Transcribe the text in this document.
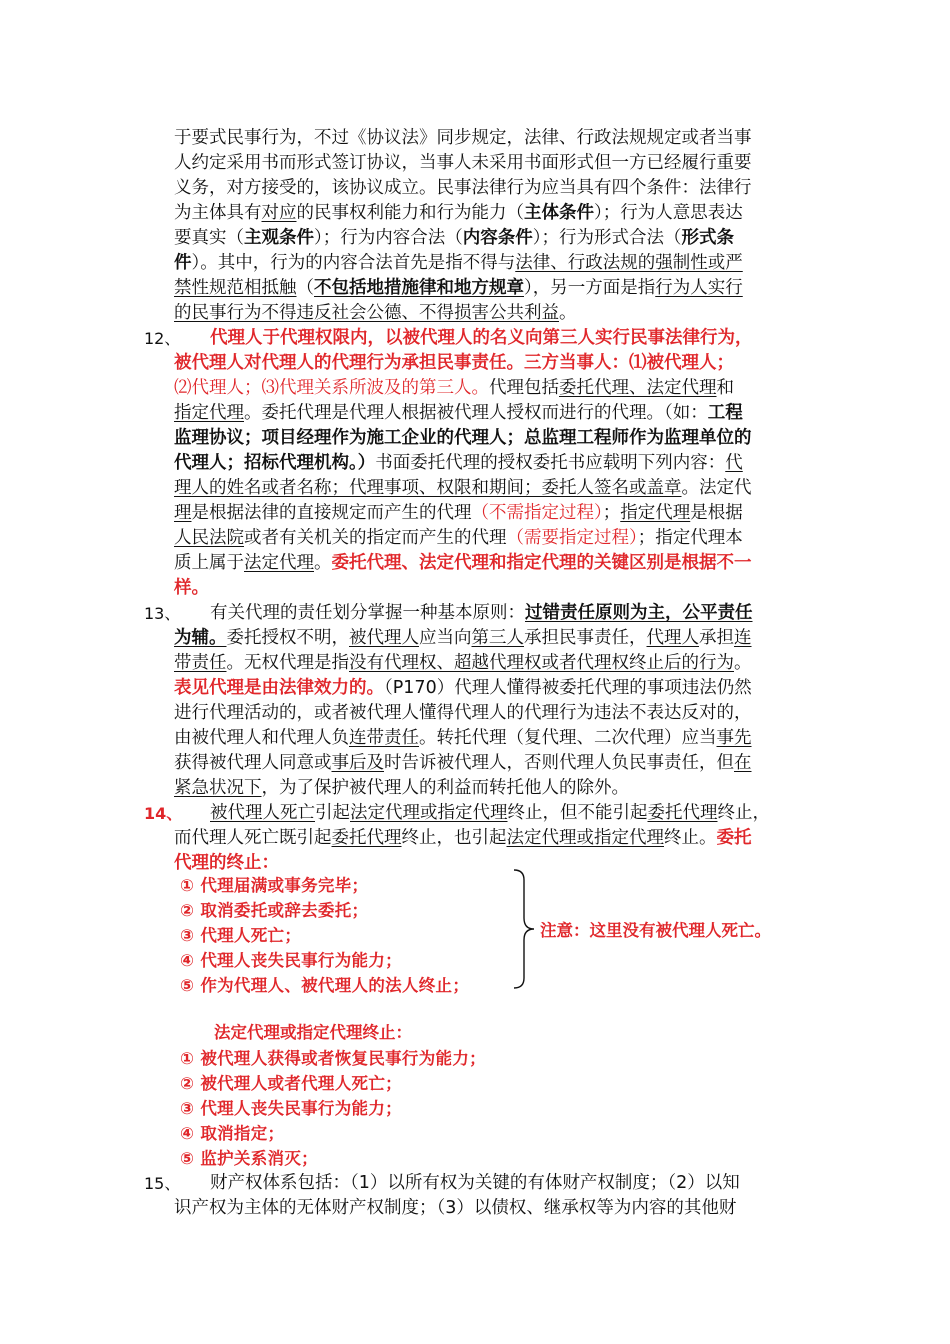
于要式民事行为，不过《协议法》同步规定，法律、行政法规规定或者当事
人约定采用书而形式签订协议，当事人未采用书面形式但一方已经履行重要
义务，对方接受的，该协议成立。民事法律行为应当具有四个条件：法律行
为主体具有对应的民事权利能力和行为能力（主体条件）；行为人意思表达
要真实（主观条件）；行为内容合法（内容条件）；行为形式合法（形式条
件）。其中，行为的内容合法首先是指不得与法律、行政法规的强制性或严
禁性规范相抵触（不包括地措施律和地方规章），另一方面是指行为人实行
的民事行为不得违反社会公德、不得损害公共利益。
12、 代理人于代理权限内，以被代理人的名义向第三人实行民事法律行为，
被代理人对代理人的代理行为承担民事责任。三方当事人：⑴被代理人；
⑵代理人；⑶代理关系所波及的第三人。代理包括委托代理、法定代理和
指定代理。委托代理是代理人根据被代理人授权而进行的代理。（如：工程
监理协议；项目经理作为施工企业的代理人；总监理工程师作为监理单位的
代理人；招标代理机构。）书面委托代理的授权委托书应载明下列内容：代
理人的姓名或者名称；代理事项、权限和期间；委托人签名或盖章。法定代
理是根据法律的直接规定而产生的代理（不需指定过程）；指定代理是根据
人民法院或者有关机关的指定而产生的代理（需要指定过程）；指定代理本
质上属于法定代理。委托代理、法定代理和指定代理的关键区别是根据不一
样。
13、 有关代理的责任划分掌握一种基本原则：过错责任原则为主，公平责任
为辅。委托授权不明，被代理人应当向第三人承担民事责任，代理人承担连
带责任。无权代理是指没有代理权、超越代理权或者代理权终止后的行为。
表见代理是由法律效力的。（P170）代理人懂得被委托代理的事项违法仍然
进行代理活动的，或者被代理人懂得代理人的代理行为违法不表达反对的，
由被代理人和代理人负连带责任。转托代理（复代理、二次代理）应当事先
获得被代理人同意或事后及时告诉被代理人，否则代理人负民事责任，但在
紧急状况下，为了保护被代理人的利益而转托他人的除外。
14、 被代理人死亡引起法定代理或指定代理终止，但不能引起委托代理终止，
而代理人死亡既引起委托代理终止，也引起法定代理或指定代理终止。委托
代理的终止：
① 代理届满或事务完毕；
② 取消委托或辞去委托；
③ 代理人死亡；
④ 代理人丧失民事行为能力；
⑤ 作为代理人、被代理人的法人终止；
注意：这里没有被代理人死亡。
法定代理或指定代理终止：
① 被代理人获得或者恢复民事行为能力；
② 被代理人或者代理人死亡；
③ 代理人丧失民事行为能力；
④ 取消指定；
⑤ 监护关系消灭；
15、 财产权体系包括：（1）以所有权为关键的有体财产权制度；（2）以知
识产权为主体的无体财产权制度；（3）以债权、继承权等为内容的其他财
